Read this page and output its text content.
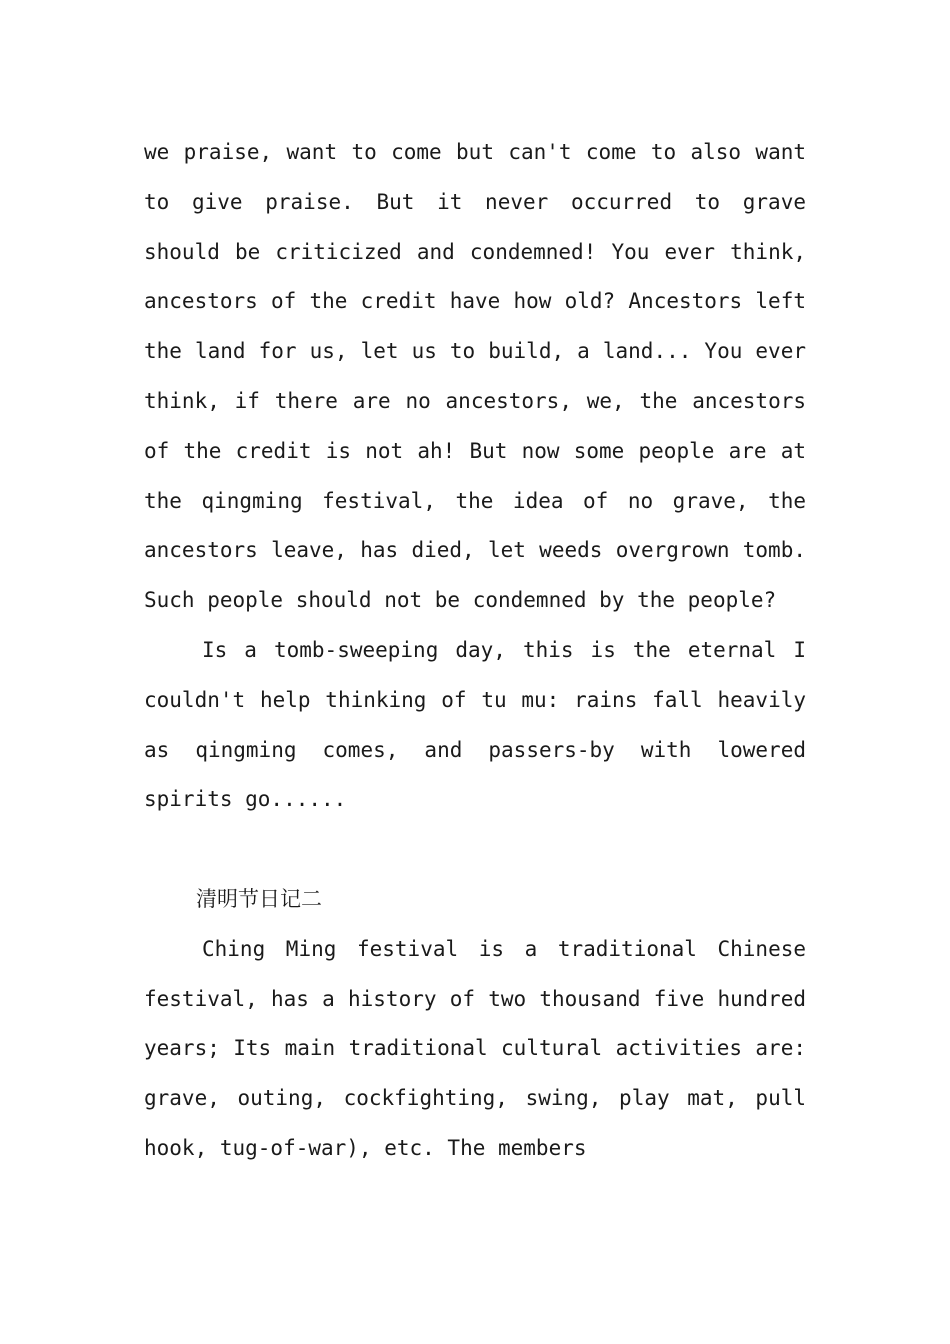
we praise, want to come but can't come to also want to give praise. But it never occurred to grave should be criticized and condemned! You ever think, ancestors of the credit have how old? Ancestors left the land for us, let us to build, a land... You ever think, if there are no ancestors, we, the ancestors of the credit is not ah! But now some people are at the qingming festival, the idea of no grave, the ancestors leave, has died, let weeds overgrown tomb. Such people should not be condemned by the people?

Is a tomb-sweeping day, this is the eternal I couldn't help thinking of tu mu: rains fall heavily as qingming comes, and passers-by with lowered spirits go......

清明节日记二

Ching Ming festival is a traditional Chinese festival, has a history of two thousand five hundred years; Its main traditional cultural activities are: grave, outing, cockfighting, swing, play mat, pull hook, tug-of-war), etc. The members
